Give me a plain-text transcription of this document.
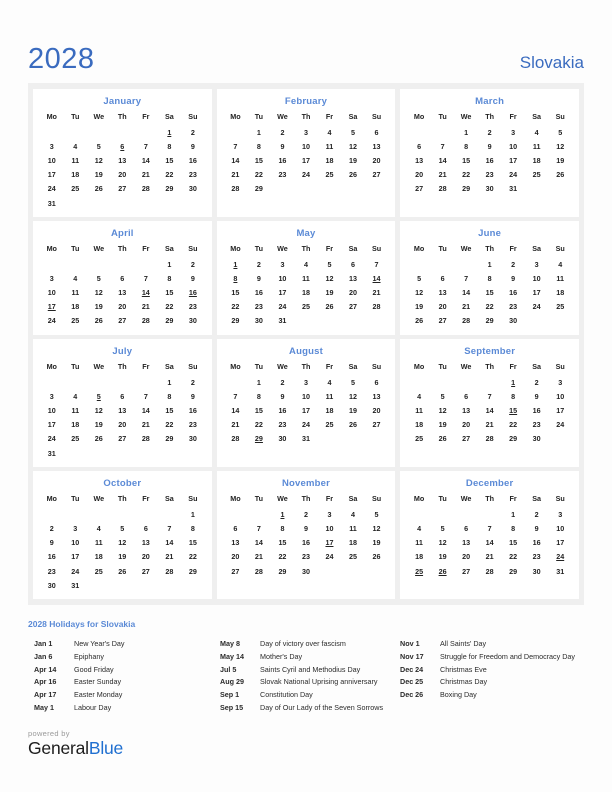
2028	Slovakia
January
Mo	Tu	We	Th	Fr	Sa	Su
					1	2
3	4	5	6	7	8	9
10	11	12	13	14	15	16
17	18	19	20	21	22	23
24	25	26	27	28	29	30
31						
February
Mo	Tu	We	Th	Fr	Sa	Su
	1	2	3	4	5	6
7	8	9	10	11	12	13
14	15	16	17	18	19	20
21	22	23	24	25	26	27
28	29					
March
Mo	Tu	We	Th	Fr	Sa	Su
		1	2	3	4	5
6	7	8	9	10	11	12
13	14	15	16	17	18	19
20	21	22	23	24	25	26
27	28	29	30	31		
April
Mo	Tu	We	Th	Fr	Sa	Su
					1	2
3	4	5	6	7	8	9
10	11	12	13	14	15	16
17	18	19	20	21	22	23
24	25	26	27	28	29	30
May
Mo	Tu	We	Th	Fr	Sa	Su
1	2	3	4	5	6	7
8	9	10	11	12	13	14
15	16	17	18	19	20	21
22	23	24	25	26	27	28
29	30	31				
June
Mo	Tu	We	Th	Fr	Sa	Su
			1	2	3	4
5	6	7	8	9	10	11
12	13	14	15	16	17	18
19	20	21	22	23	24	25
26	27	28	29	30		
July
Mo	Tu	We	Th	Fr	Sa	Su
					1	2
3	4	5	6	7	8	9
10	11	12	13	14	15	16
17	18	19	20	21	22	23
24	25	26	27	28	29	30
31						
August
Mo	Tu	We	Th	Fr	Sa	Su
	1	2	3	4	5	6
7	8	9	10	11	12	13
14	15	16	17	18	19	20
21	22	23	24	25	26	27
28	29	30	31			
September
Mo	Tu	We	Th	Fr	Sa	Su
				1	2	3
4	5	6	7	8	9	10
11	12	13	14	15	16	17
18	19	20	21	22	23	24
25	26	27	28	29	30	
October
Mo	Tu	We	Th	Fr	Sa	Su
						1
2	3	4	5	6	7	8
9	10	11	12	13	14	15
16	17	18	19	20	21	22
23	24	25	26	27	28	29
30	31					
November
Mo	Tu	We	Th	Fr	Sa	Su
		1	2	3	4	5
6	7	8	9	10	11	12
13	14	15	16	17	18	19
20	21	22	23	24	25	26
27	28	29	30			
December
Mo	Tu	We	Th	Fr	Sa	Su
				1	2	3
4	5	6	7	8	9	10
11	12	13	14	15	16	17
18	19	20	21	22	23	24
25	26	27	28	29	30	31
2028 Holidays for Slovakia
Jan 1	New Year's Day
Jan 6	Epiphany
Apr 14	Good Friday
Apr 16	Easter Sunday
Apr 17	Easter Monday
May 1	Labour Day
May 8	Day of victory over fascism
May 14	Mother's Day
Jul 5	Saints Cyril and Methodius Day
Aug 29	Slovak National Uprising anniversary
Sep 1	Constitution Day
Sep 15	Day of Our Lady of the Seven Sorrows
Nov 1	All Saints' Day
Nov 17	Struggle for Freedom and Democracy Day
Dec 24	Christmas Eve
Dec 25	Christmas Day
Dec 26	Boxing Day
powered by
GeneralBlue
